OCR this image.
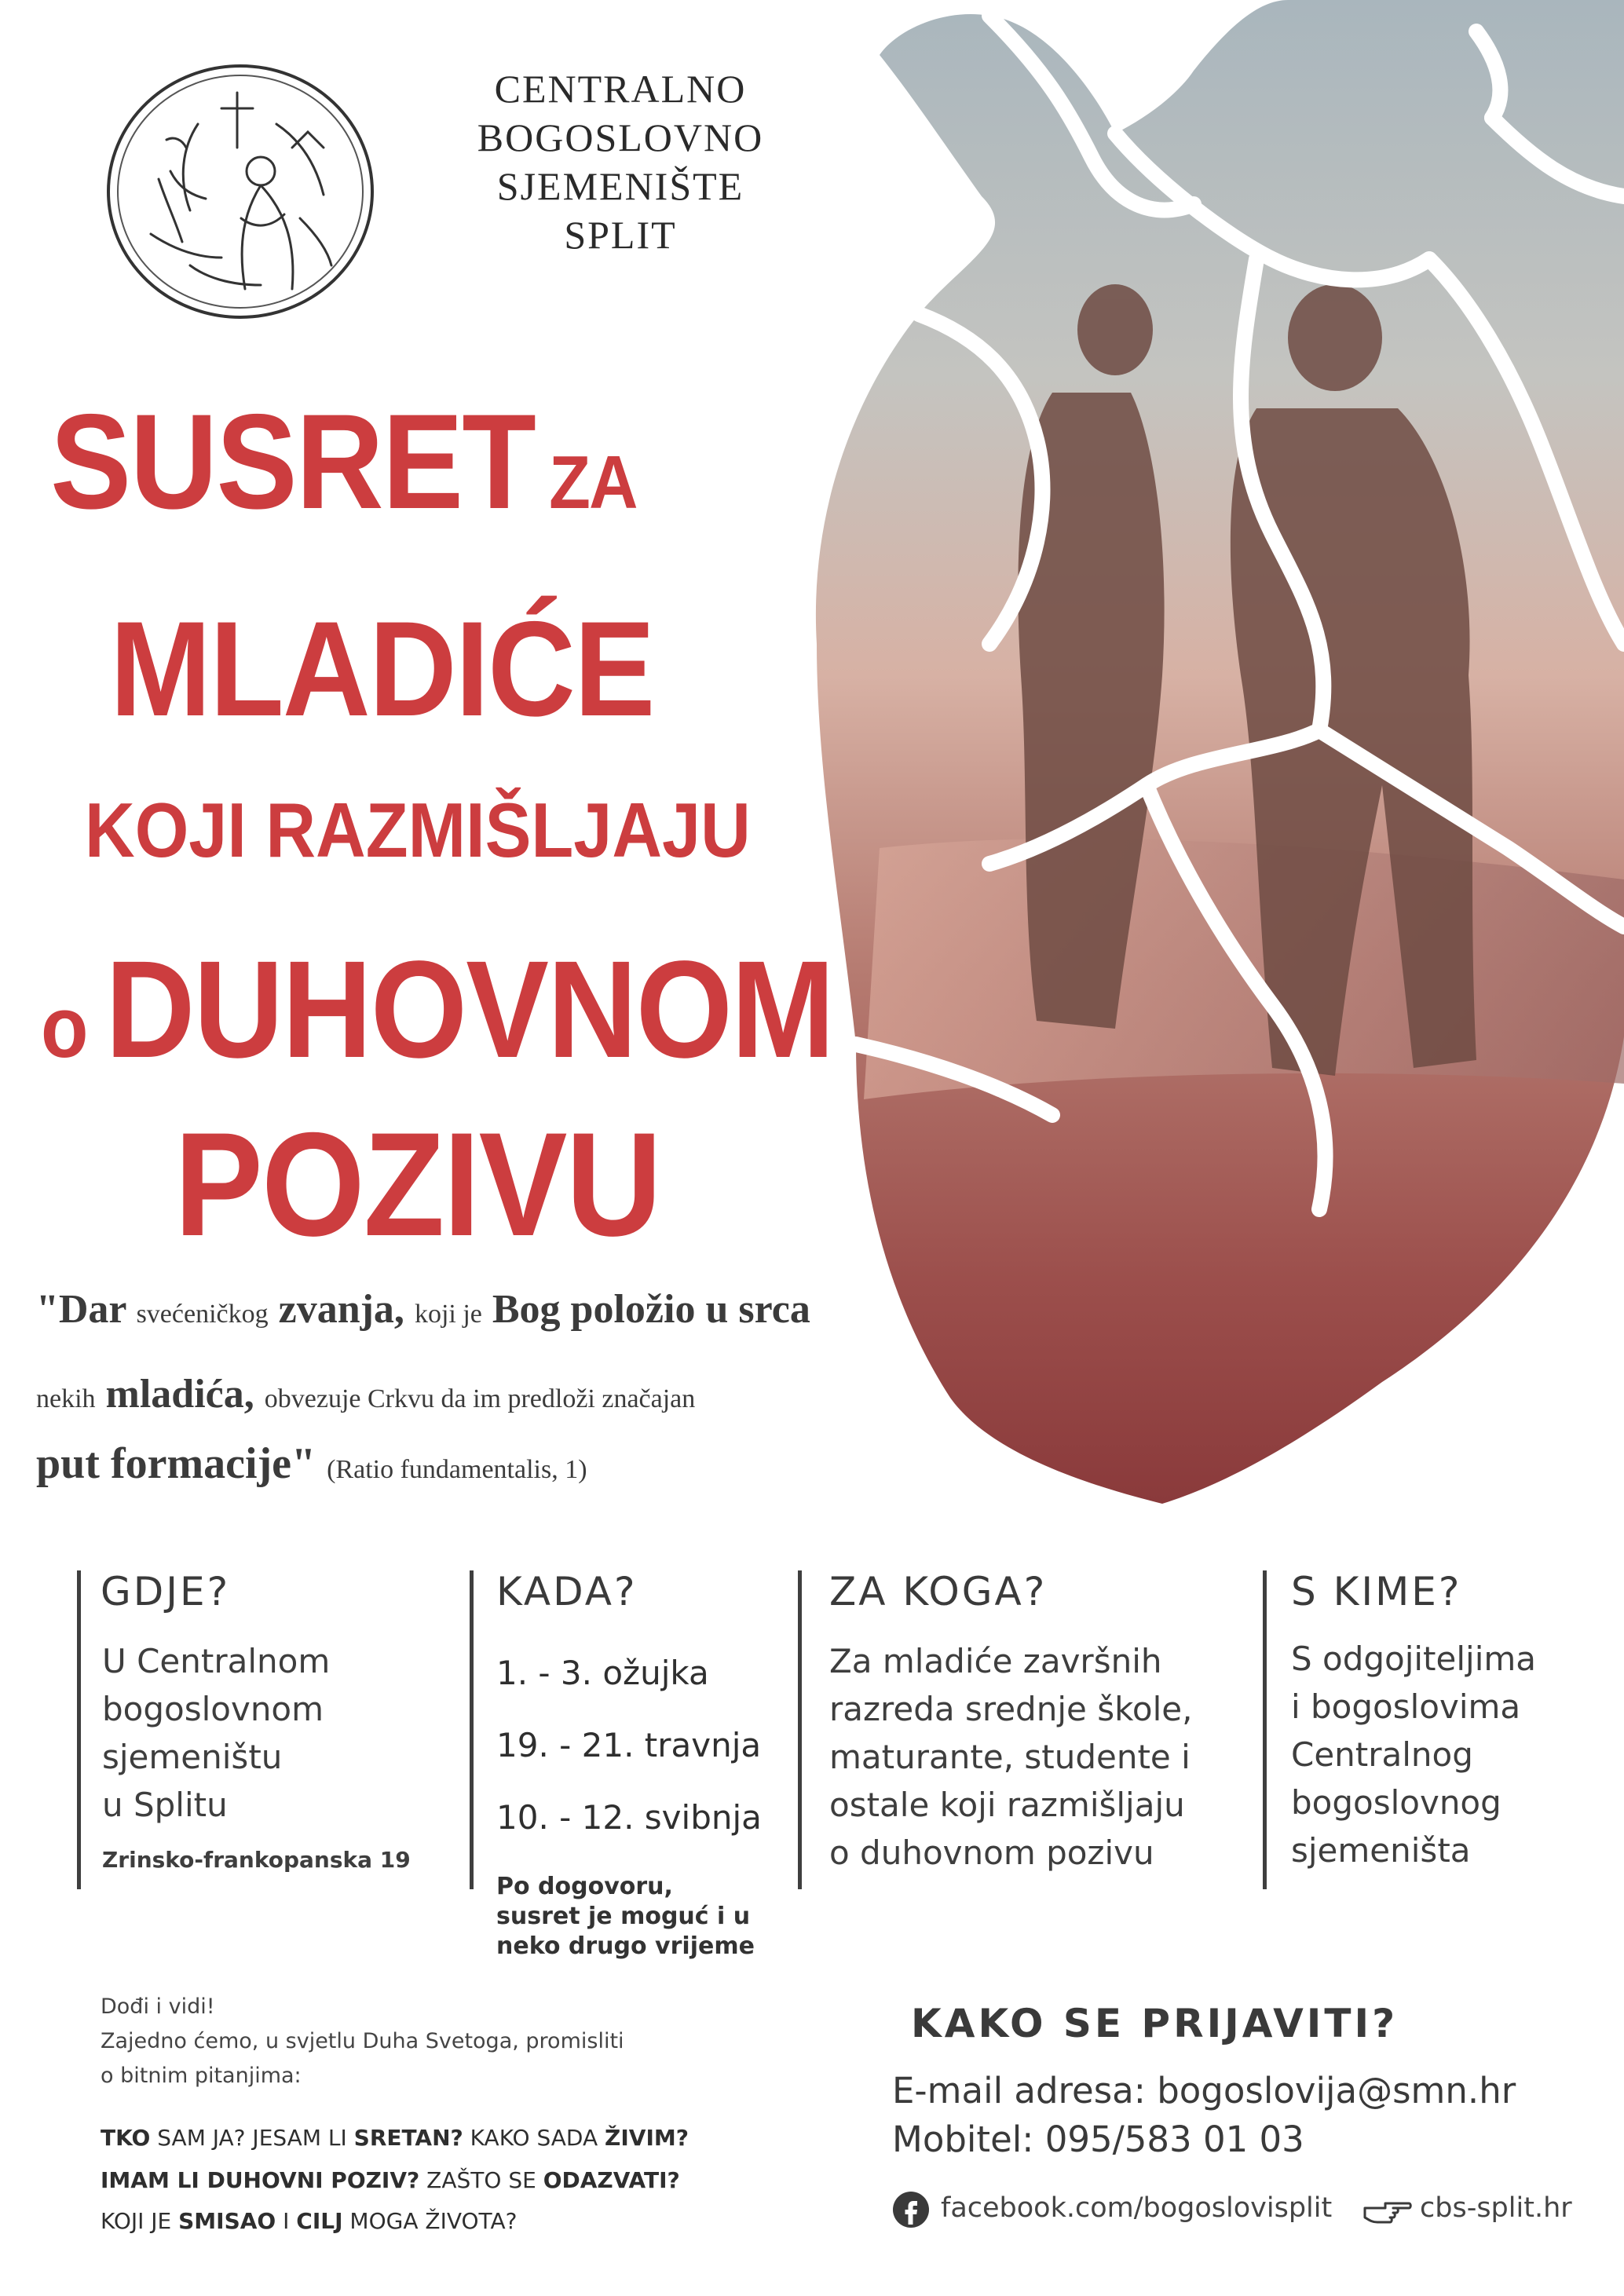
CENTRALNO
BOGOSLOVNO
SJEMENIŠTE
SPLIT
SUSRET ZA
MLADIĆE
KOJI RAZMIŠLJAJU
o DUHOVNOM
POZIVU
"Dar svećeničkog zvanja, koji je Bog položio u srca
nekih mladića, obvezuje Crkvu da im predloži značajan
put formacije" (Ratio fundamentalis, 1)
GDJE?
U Centralnom
bogoslovnom
sjemeništu
u Splitu
Zrinsko-frankopanska 19
KADA?
1. - 3. ožujka
19. - 21. travnja
10. - 12. svibnja
Po dogovoru,
susret je moguć i u
neko drugo vrijeme
ZA KOGA?
Za mladiće završnih
razreda srednje škole,
maturante, studente i
ostale koji razmišljaju
o duhovnom pozivu
S KIME?
S odgojiteljima
i bogoslovima
Centralnog
bogoslovnog
sjemeništa
Dođi i vidi!
Zajedno ćemo, u svjetlu Duha Svetoga, promisliti
o bitnim pitanjima:
TKO SAM JA? JESAM LI SRETAN? KAKO SADA ŽIVIM?
IMAM LI DUHOVNI POZIV? ZAŠTO SE ODAZVATI?
KOJI JE SMISAO I CILJ MOGA ŽIVOTA?
KAKO SE PRIJAVITI?
E-mail adresa: bogoslovija@smn.hr
Mobitel: 095/583 01 03
facebook.com/bogoslovisplit	cbs-split.hr
